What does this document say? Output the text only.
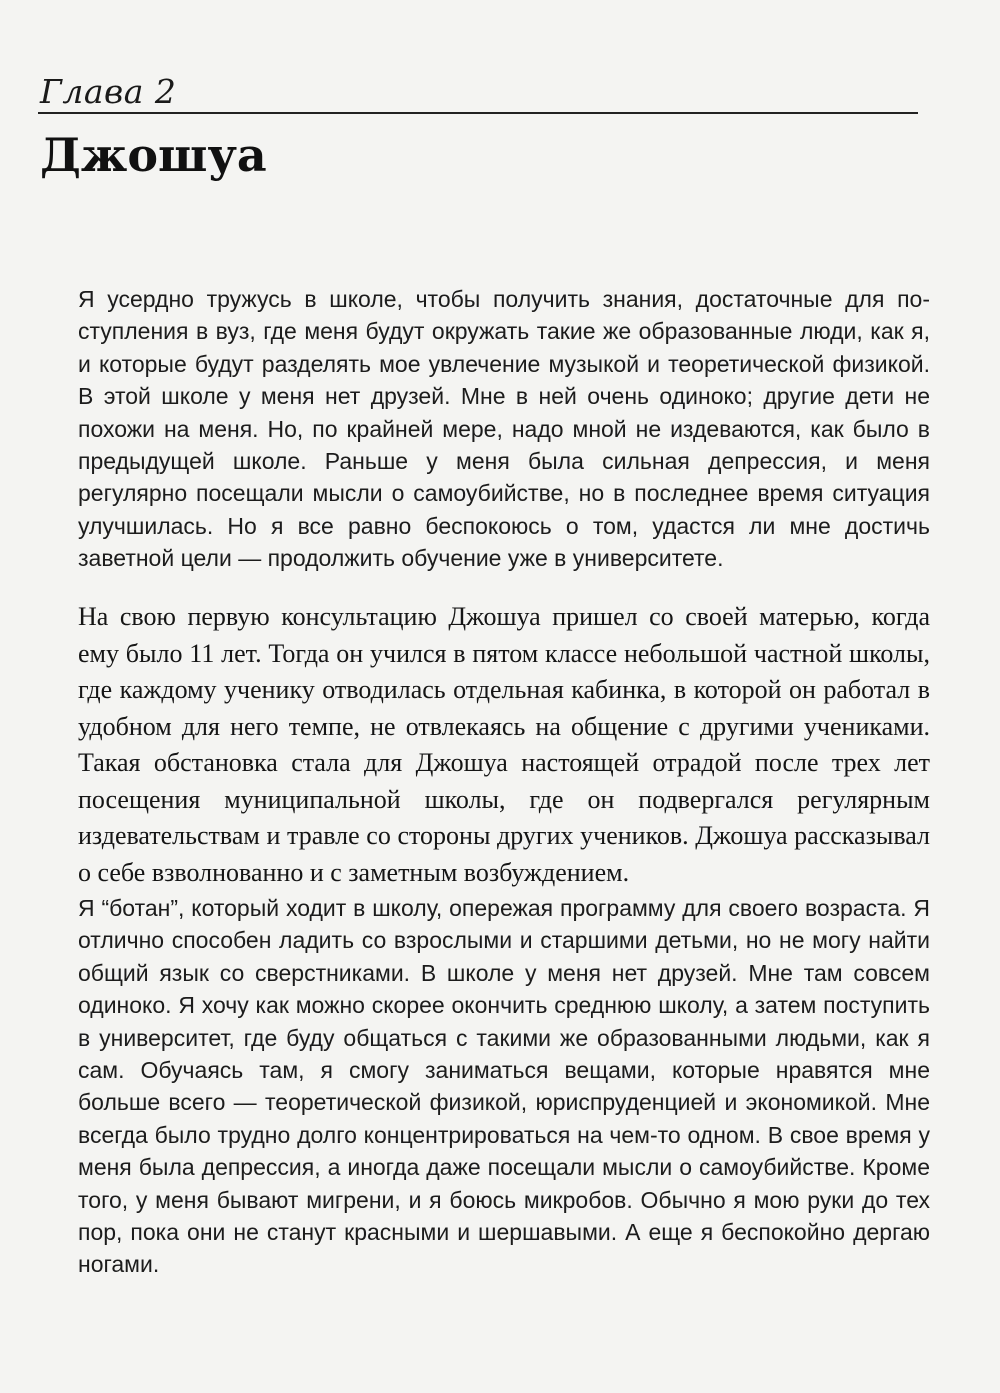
Глава 2
Джошуа
Я усердно тружусь в школе, чтобы получить знания, достаточные для поступления в вуз, где меня будут окружать такие же образованные люди, как я, и которые будут разделять мое увлечение музыкой и теоретической физикой. В этой школе у меня нет друзей. Мне в ней очень одиноко; другие дети не похожи на меня. Но, по крайней мере, надо мной не издеваются, как было в предыдущей школе. Раньше у меня была сильная депрессия, и меня регулярно посещали мысли о самоубийстве, но в последнее время ситуация улучшилась. Но я все равно беспокоюсь о том, удастся ли мне достичь заветной цели — продолжить обучение уже в университете.
На свою первую консультацию Джошуа пришел со своей матерью, когда ему было 11 лет. Тогда он учился в пятом классе небольшой частной школы, где каждому ученику отводилась отдельная кабинка, в которой он работал в удобном для него темпе, не отвлекаясь на общение с другими учениками. Такая обстановка стала для Джошуа настоящей отрадой после трех лет посещения муниципальной школы, где он подвергался регулярным издевательствам и травле со стороны других учеников. Джошуа рассказывал о себе взволнованно и с заметным возбуждением.
Я “ботан”, который ходит в школу, опережая программу для своего возраста. Я отлично способен ладить со взрослыми и старшими детьми, но не могу найти общий язык со сверстниками. В школе у меня нет друзей. Мне там совсем одиноко. Я хочу как можно скорее окончить среднюю школу, а затем поступить в университет, где буду общаться с такими же образованными людьми, как я сам. Обучаясь там, я смогу заниматься вещами, которые нравятся мне больше всего — теоретической физикой, юриспруденцией и экономикой. Мне всегда было трудно долго концентрироваться на чем-то одном. В свое время у меня была депрессия, а иногда даже посещали мысли о самоубийстве. Кроме того, у меня бывают мигрени, и я боюсь микробов. Обычно я мою руки до тех пор, пока они не станут красными и шершавыми. А еще я беспокойно дергаю ногами.
